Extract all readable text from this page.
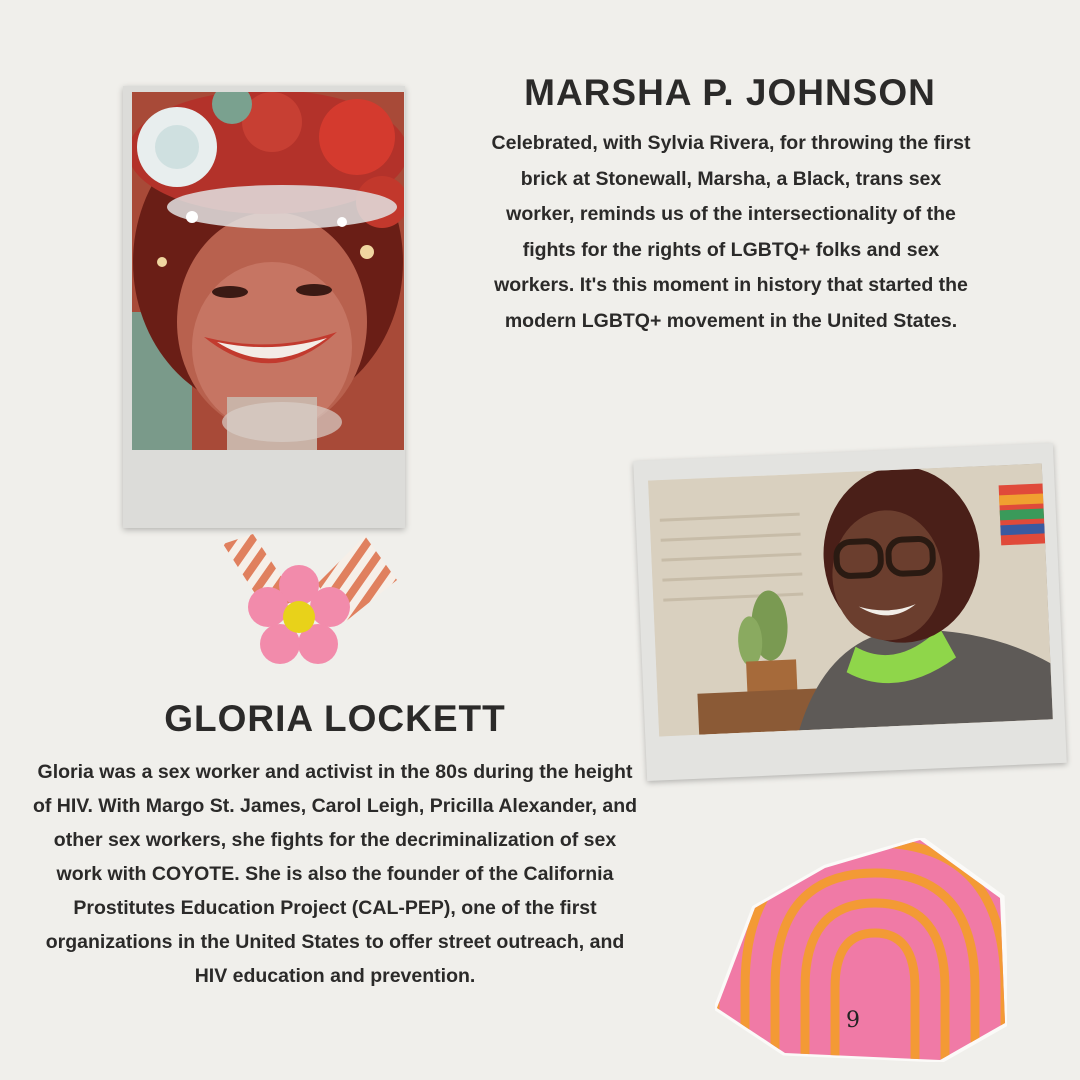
MARSHA P. JOHNSON

Celebrated, with Sylvia Rivera, for throwing the first brick at Stonewall, Marsha, a Black, trans sex worker, reminds us of the intersectionality of the fights for the rights of LGBTQ+ folks and sex workers. It's this moment in history that started the modern LGBTQ+ movement in the United States.

GLORIA LOCKETT

Gloria was a sex worker and activist in the 80s during the height of HIV. With Margo St. James, Carol Leigh, Pricilla Alexander, and other sex workers, she fights for the decriminalization of sex work with COYOTE. She is also the founder of the California Prostitutes Education Project (CAL-PEP), one of the first organizations in the United States to offer street outreach, and HIV education and prevention.

9
